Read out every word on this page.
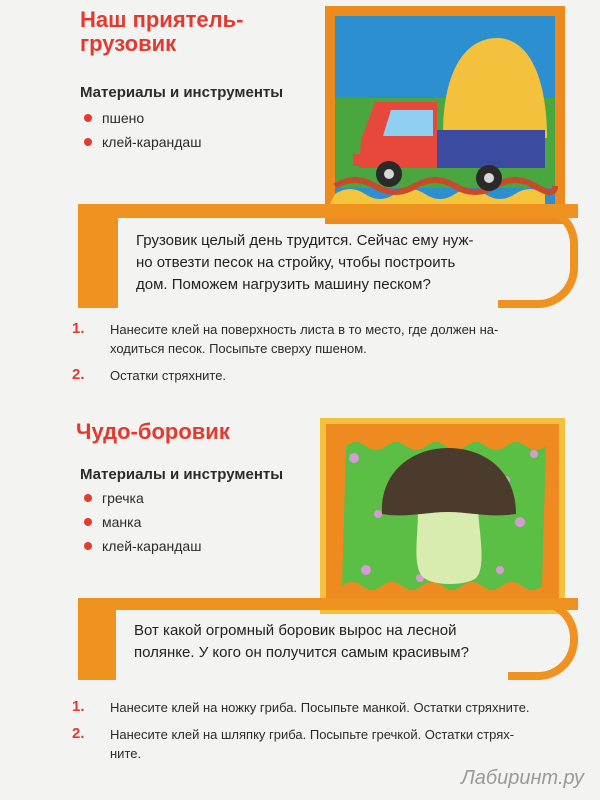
Наш приятель-
грузовик
Материалы и инструменты
пшено
клей-карандаш

Грузовик целый день трудится. Сейчас ему нуж-
но отвезти песок на стройку, чтобы построить
дом. Поможем нагрузить машину песком?

1. Нанесите клей на поверхность листа в то место, где должен на-
ходиться песок. Посыпьте сверху пшеном.
2. Остатки стряхните.
Чудо-боровик
Материалы и инструменты
гречка
манка
клей-карандаш

Вот какой огромный боровик вырос на лесной
полянке. У кого он получится самым красивым?

1. Нанесите клей на ножку гриба. Посыпьте манкой. Остатки стряхните.
2. Нанесите клей на шляпку гриба. Посыпьте гречкой. Остатки стрях-
ните.
Лабиринт.ру
